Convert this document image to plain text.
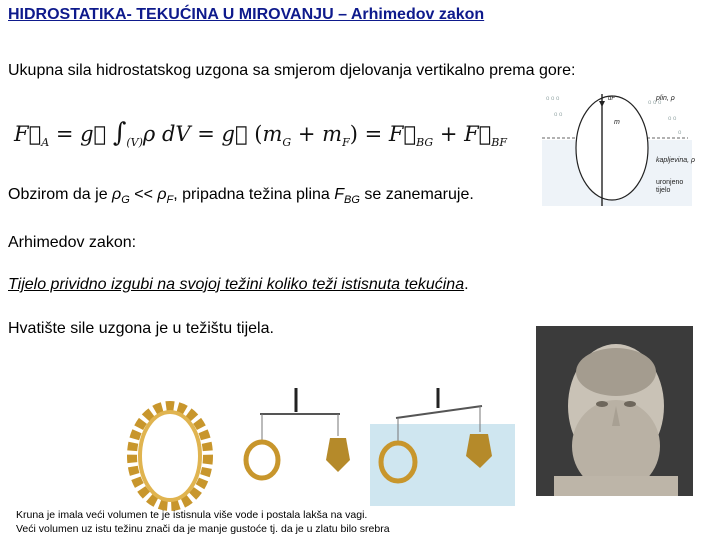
HIDROSTATIKA- TEKUĆINA U MIROVANJU – Arhimedov zakon
Ukupna sila hidrostatskog uzgona sa smjerom djelovanja vertikalno prema gore:
$F⃗_A$ = g⃗ $\int_{(V)}\rho$ dV = g⃗ $(m_G + m_F)$ = $F⃗_{BG}$ + $F⃗_{BF}$
Obzirom da je $\rho_G << \rho_F$, pripadna težina plina $F_{BG}$ se zanemaruje.
Arhimedov zakon:
Tijelo prividno izgubi na svojoj težini koliko teži istisnuta tekućina.
Hvatište sile uzgona je u težištu tijela.
ο ο ο
ο ο ο
ο ο
ο ο
ο
dF	plin, ρ
kapljevina, ρ
uronjeno
tijelo
m
Kruna je imala veći volumen te je istisnula više vode i postala lakša na vagi.
Veći volumen uz istu težinu znači da je manje gustoće tj. da je u zlatu bilo srebra
